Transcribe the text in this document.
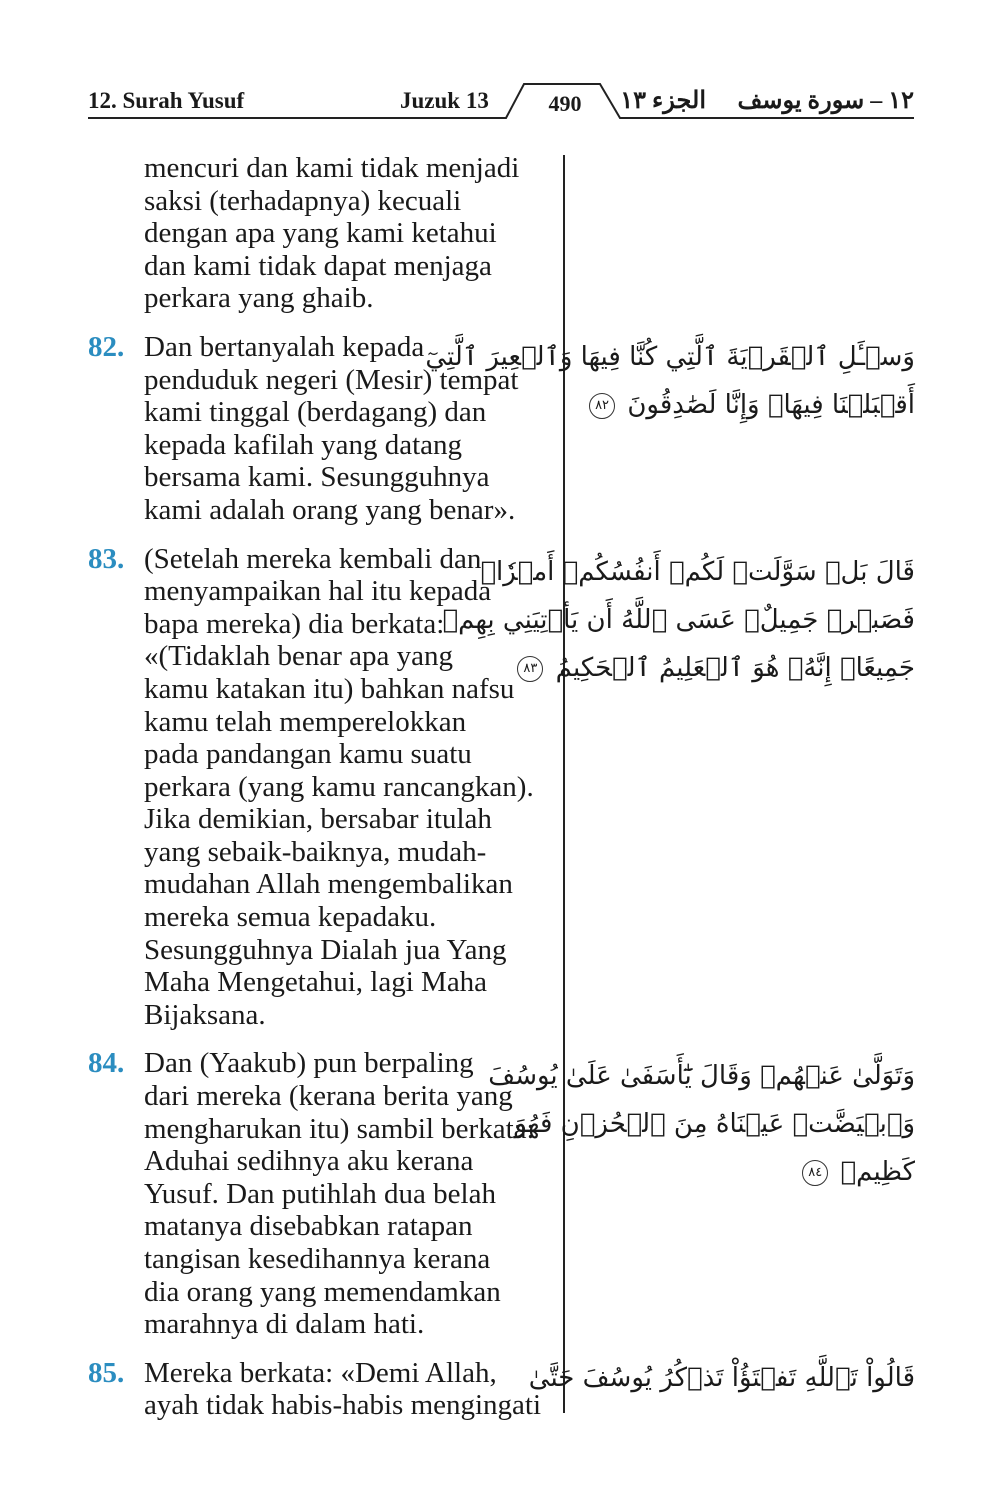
12. Surah Yusuf	Juzuk 13	490	الجزء ١٣ ١٢ – سورة يوسف
mencuri dan kami tidak menjadi
saksi (terhadapnya) kecuali
dengan apa yang kami ketahui
dan kami tidak dapat menjaga
perkara yang ghaib.
82. Dan bertanyalah kepada
penduduk negeri (Mesir) tempat
kami tinggal (berdagang) dan
kepada kafilah yang datang
bersama kami. Sesungguhnya
kami adalah orang yang benar».
83. (Setelah mereka kembali dan
menyampaikan hal itu kepada
bapa mereka) dia berkata:
«(Tidaklah benar apa yang
kamu katakan itu) bahkan nafsu
kamu telah memperelokkan
pada pandangan kamu suatu
perkara (yang kamu rancangkan).
Jika demikian, bersabar itulah
yang sebaik-baiknya, mudah-
mudahan Allah mengembalikan
mereka semua kepadaku.
Sesungguhnya Dialah jua Yang
Maha Mengetahui, lagi Maha
Bijaksana.
84. Dan (Yaakub) pun berpaling
dari mereka (kerana berita yang
mengharukan itu) sambil berkata:
Aduhai sedihnya aku kerana
Yusuf. Dan putihlah dua belah
matanya disebabkan ratapan
tangisan kesedihannya kerana
dia orang yang memendamkan
marahnya di dalam hati.
85. Mereka berkata: «Demi Allah,
ayah tidak habis-habis mengingati
وَسۡـَٔلِ ٱلۡقَرۡيَةَ ٱلَّتِي كُنَّا فِيهَا وَٱلۡعِيرَ ٱلَّتِيٓ
أَقۡبَلۡنَا فِيهَاۖ وَإِنَّا لَصَٰدِقُونَ ٨٢
قَالَ بَلۡ سَوَّلَتۡ لَكُمۡ أَنفُسُكُمۡ أَمۡرٗاۖ
فَصَبۡرٞ جَمِيلٌۖ عَسَى ٱللَّهُ أَن يَأۡتِيَنِي بِهِمۡ
جَمِيعًاۚ إِنَّهُۥ هُوَ ٱلۡعَلِيمُ ٱلۡحَكِيمُ ٨٣
وَتَوَلَّىٰ عَنۡهُمۡ وَقَالَ يَٰٓأَسَفَىٰ عَلَىٰ يُوسُفَ
وَٱبۡيَضَّتۡ عَيۡنَاهُ مِنَ ٱلۡحُزۡنِ فَهُوَ
كَظِيمٞ ٨٤
قَالُواْ تَٱللَّهِ تَفۡتَؤُاْ تَذۡكُرُ يُوسُفَ حَتَّىٰ
